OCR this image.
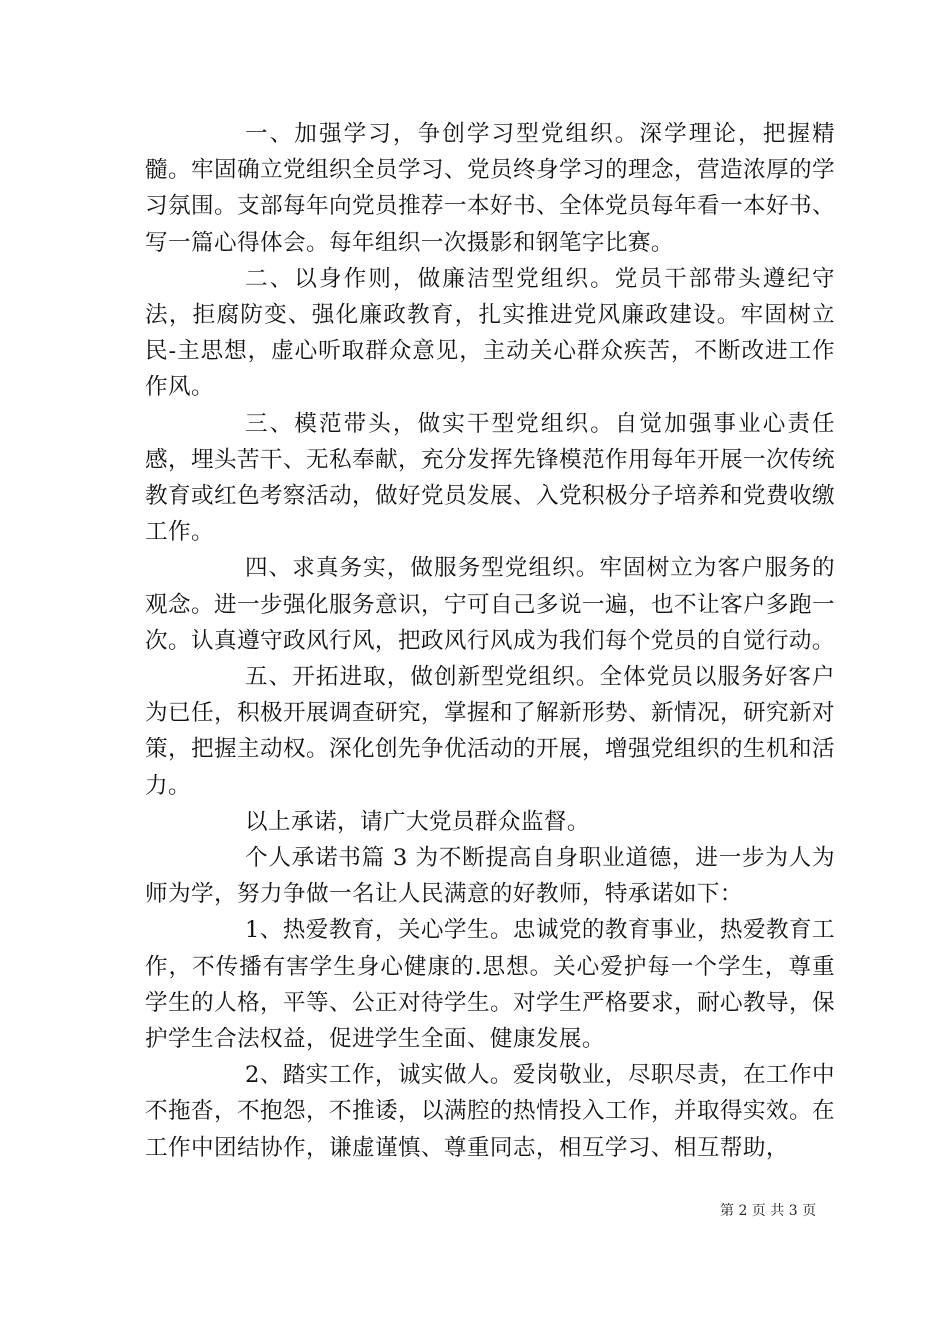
一、加强学习，争创学习型党组织。深学理论，把握精髓。牢固确立党组织全员学习、党员终身学习的理念，营造浓厚的学习氛围。支部每年向党员推荐一本好书、全体党员每年看一本好书、写一篇心得体会。每年组织一次摄影和钢笔字比赛。

二、以身作则，做廉洁型党组织。党员干部带头遵纪守法，拒腐防变、强化廉政教育，扎实推进党风廉政建设。牢固树立民-主思想，虚心听取群众意见，主动关心群众疾苦，不断改进工作作风。

三、模范带头，做实干型党组织。自觉加强事业心责任感，埋头苦干、无私奉献，充分发挥先锋模范作用每年开展一次传统教育或红色考察活动，做好党员发展、入党积极分子培养和党费收缴工作。

四、求真务实，做服务型党组织。牢固树立为客户服务的观念。进一步强化服务意识，宁可自己多说一遍，也不让客户多跑一次。认真遵守政风行风，把政风行风成为我们每个党员的自觉行动。

五、开拓进取，做创新型党组织。全体党员以服务好客户为已任，积极开展调查研究，掌握和了解新形势、新情况，研究新对策，把握主动权。深化创先争优活动的开展，增强党组织的生机和活力。

以上承诺，请广大党员群众监督。

个人承诺书篇 3 为不断提高自身职业道德，进一步为人为师为学，努力争做一名让人民满意的好教师，特承诺如下：

1、热爱教育，关心学生。忠诚党的教育事业，热爱教育工作，不传播有害学生身心健康的.思想。关心爱护每一个学生，尊重学生的人格，平等、公正对待学生。对学生严格要求，耐心教导，保护学生合法权益，促进学生全面、健康发展。

2、踏实工作，诚实做人。爱岗敬业，尽职尽责，在工作中不拖沓，不抱怨，不推诿，以满腔的热情投入工作，并取得实效。在工作中团结协作，谦虚谨慎、尊重同志，相互学习、相互帮助，

第 2 页 共 3 页
